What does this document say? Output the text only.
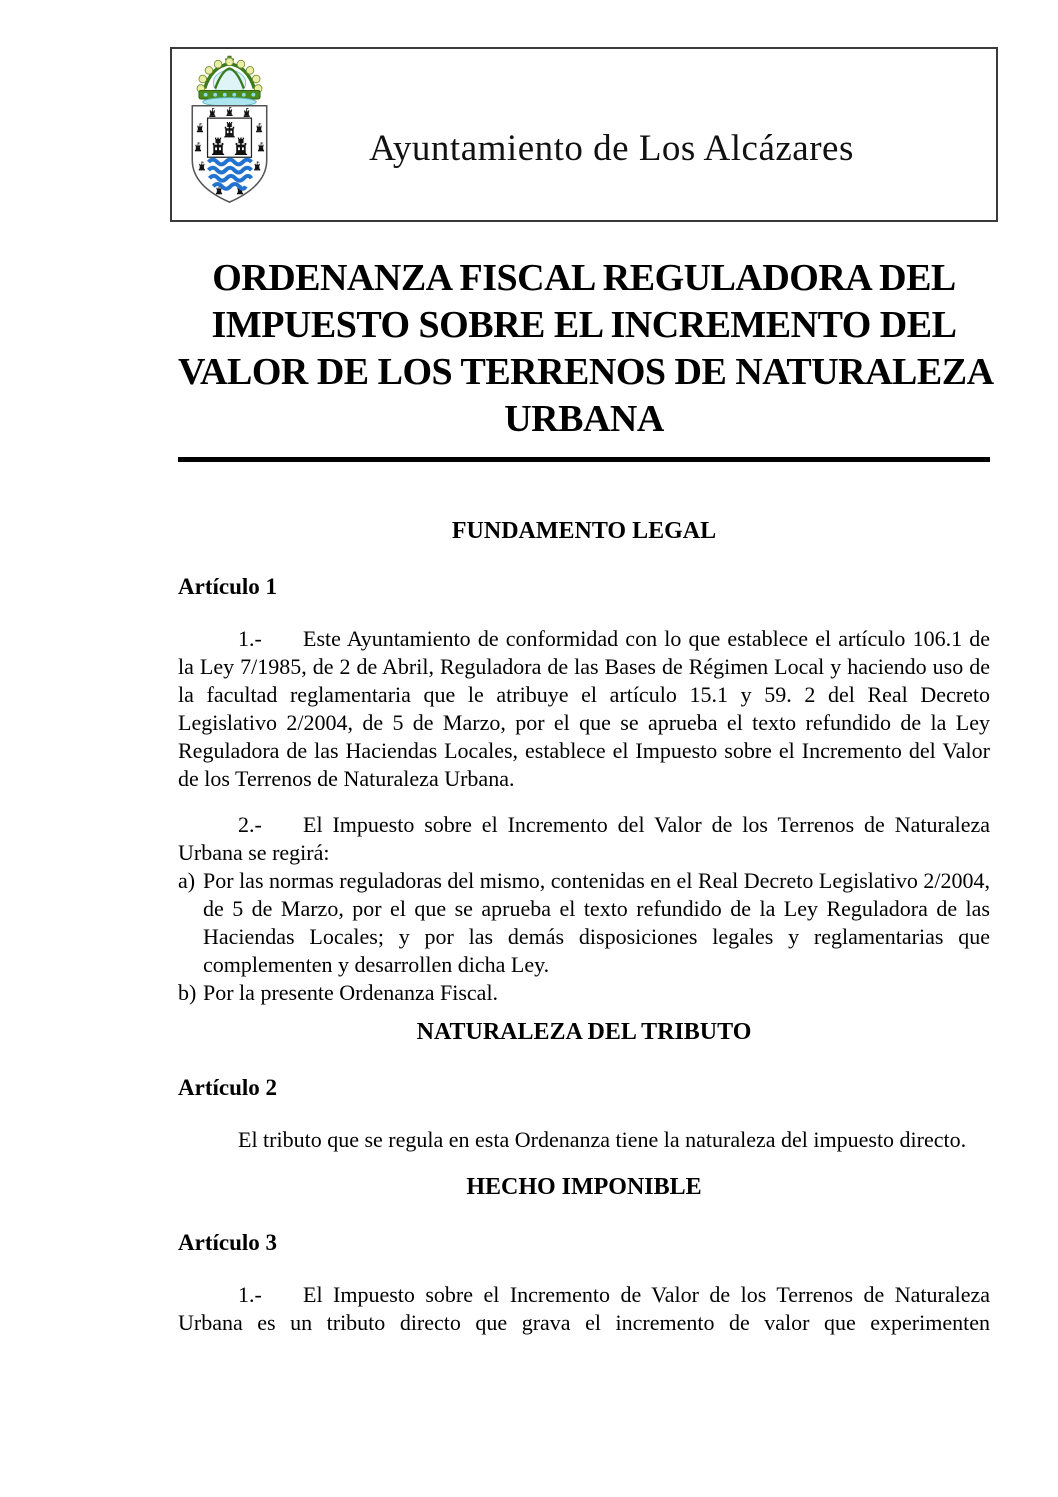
Ayuntamiento de Los Alcázares
ORDENANZA FISCAL REGULADORA DEL
IMPUESTO SOBRE EL INCREMENTO DEL
VALOR DE LOS TERRENOS DE NATURALEZA
URBANA
FUNDAMENTO LEGAL
Artículo 1

1.- Este Ayuntamiento de conformidad con lo que establece el artículo 106.1 de la Ley 7/1985, de 2 de Abril, Reguladora de las Bases de Régimen Local y haciendo uso de la facultad reglamentaria que le atribuye el artículo 15.1 y 59. 2 del Real Decreto Legislativo 2/2004, de 5 de Marzo, por el que se aprueba el texto refundido de la Ley Reguladora de las Haciendas Locales, establece el Impuesto sobre el Incremento del Valor de los Terrenos de Naturaleza Urbana.

2.- El Impuesto sobre el Incremento del Valor de los Terrenos de Naturaleza Urbana se regirá:

a) Por las normas reguladoras del mismo, contenidas en el Real Decreto Legislativo 2/2004, de 5 de Marzo, por el que se aprueba el texto refundido de la Ley Reguladora de las Haciendas Locales; y por las demás disposiciones legales y reglamentarias que complementen y desarrollen dicha Ley.
b) Por la presente Ordenanza Fiscal.
NATURALEZA DEL TRIBUTO
Artículo 2

El tributo que se regula en esta Ordenanza tiene la naturaleza del impuesto directo.

HECHO IMPONIBLE
Artículo 3

1.- El Impuesto sobre el Incremento de Valor de los Terrenos de Naturaleza Urbana es un tributo directo que grava el incremento de valor que experimenten
